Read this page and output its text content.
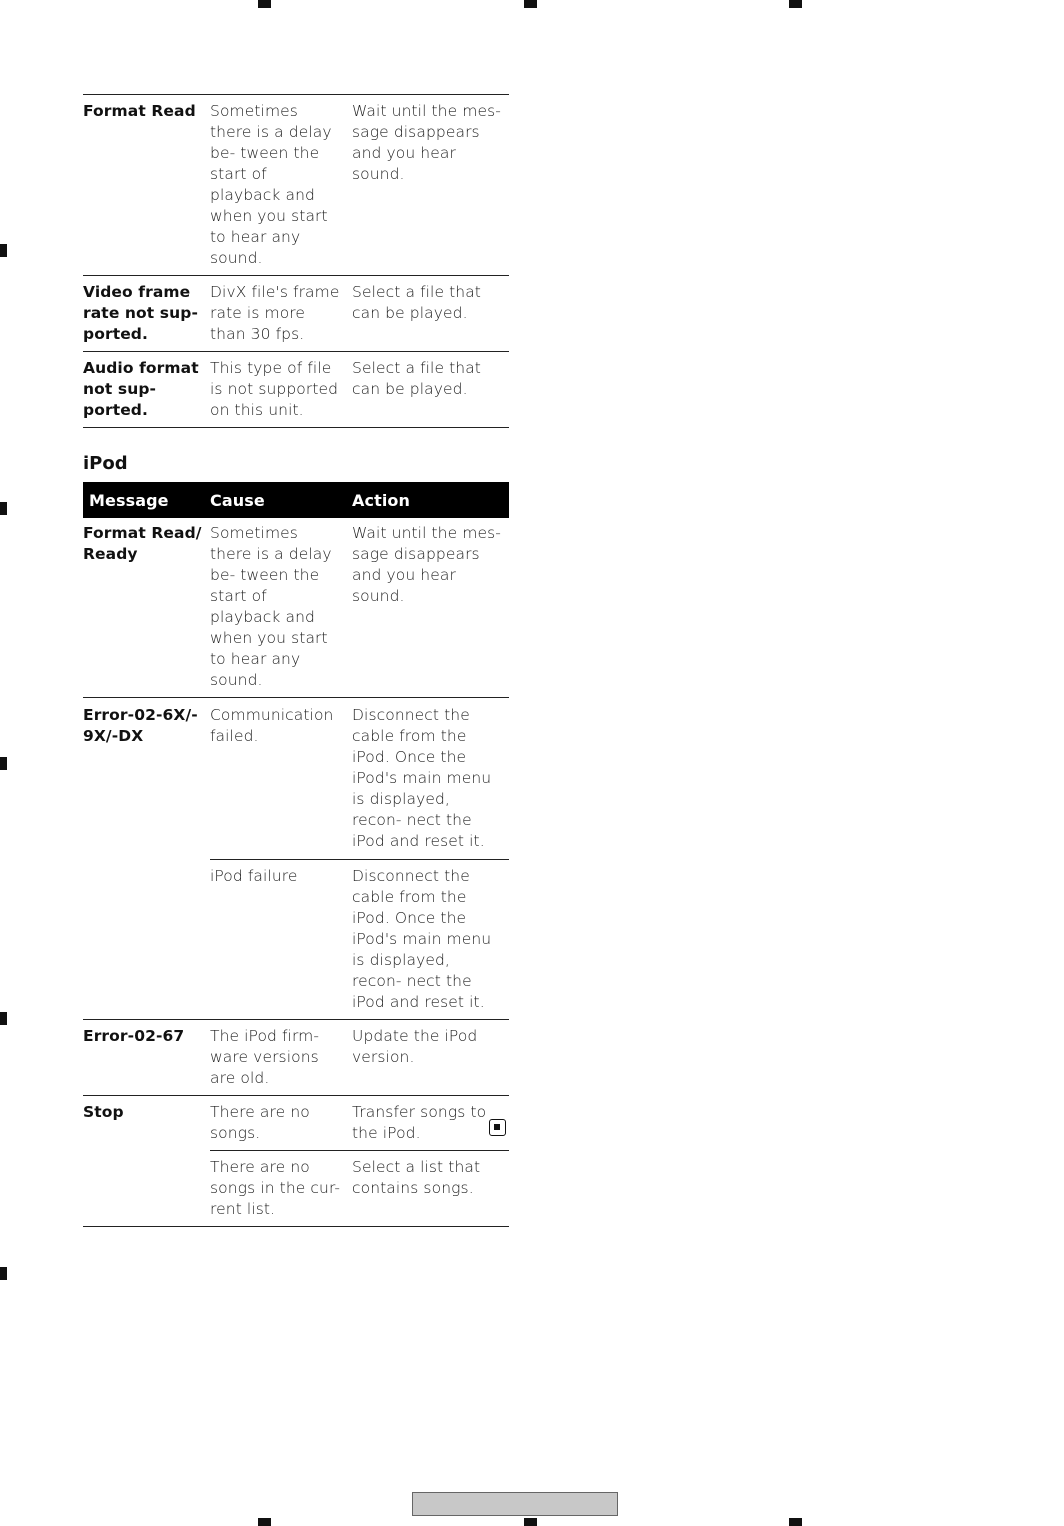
Format Read	Sometimes there is a delay be- tween the start of playback and when you start to hear any sound.	Wait until the mes- sage disappears and you hear sound.
Video frame rate not sup- ported.	DivX file's frame rate is more than 30 fps.	Select a file that can be played.
Audio format not sup- ported.	This type of file is not supported on this unit.	Select a file that can be played.
iPod
Message	Cause	Action
Format Read/ Ready	Sometimes there is a delay be- tween the start of playback and when you start to hear any sound.	Wait until the mes- sage disappears and you hear sound.
Error-02-6X/- 9X/-DX	Communication failed.	Disconnect the cable from the iPod. Once the iPod's main menu is displayed, recon- nect the iPod and reset it.
	iPod failure	Disconnect the cable from the iPod. Once the iPod's main menu is displayed, recon- nect the iPod and reset it.
Error-02-67	The iPod firm- ware versions are old.	Update the iPod version.
Stop	There are no songs.	Transfer songs to the iPod.
	There are no songs in the cur- rent list.	Select a list that contains songs.
